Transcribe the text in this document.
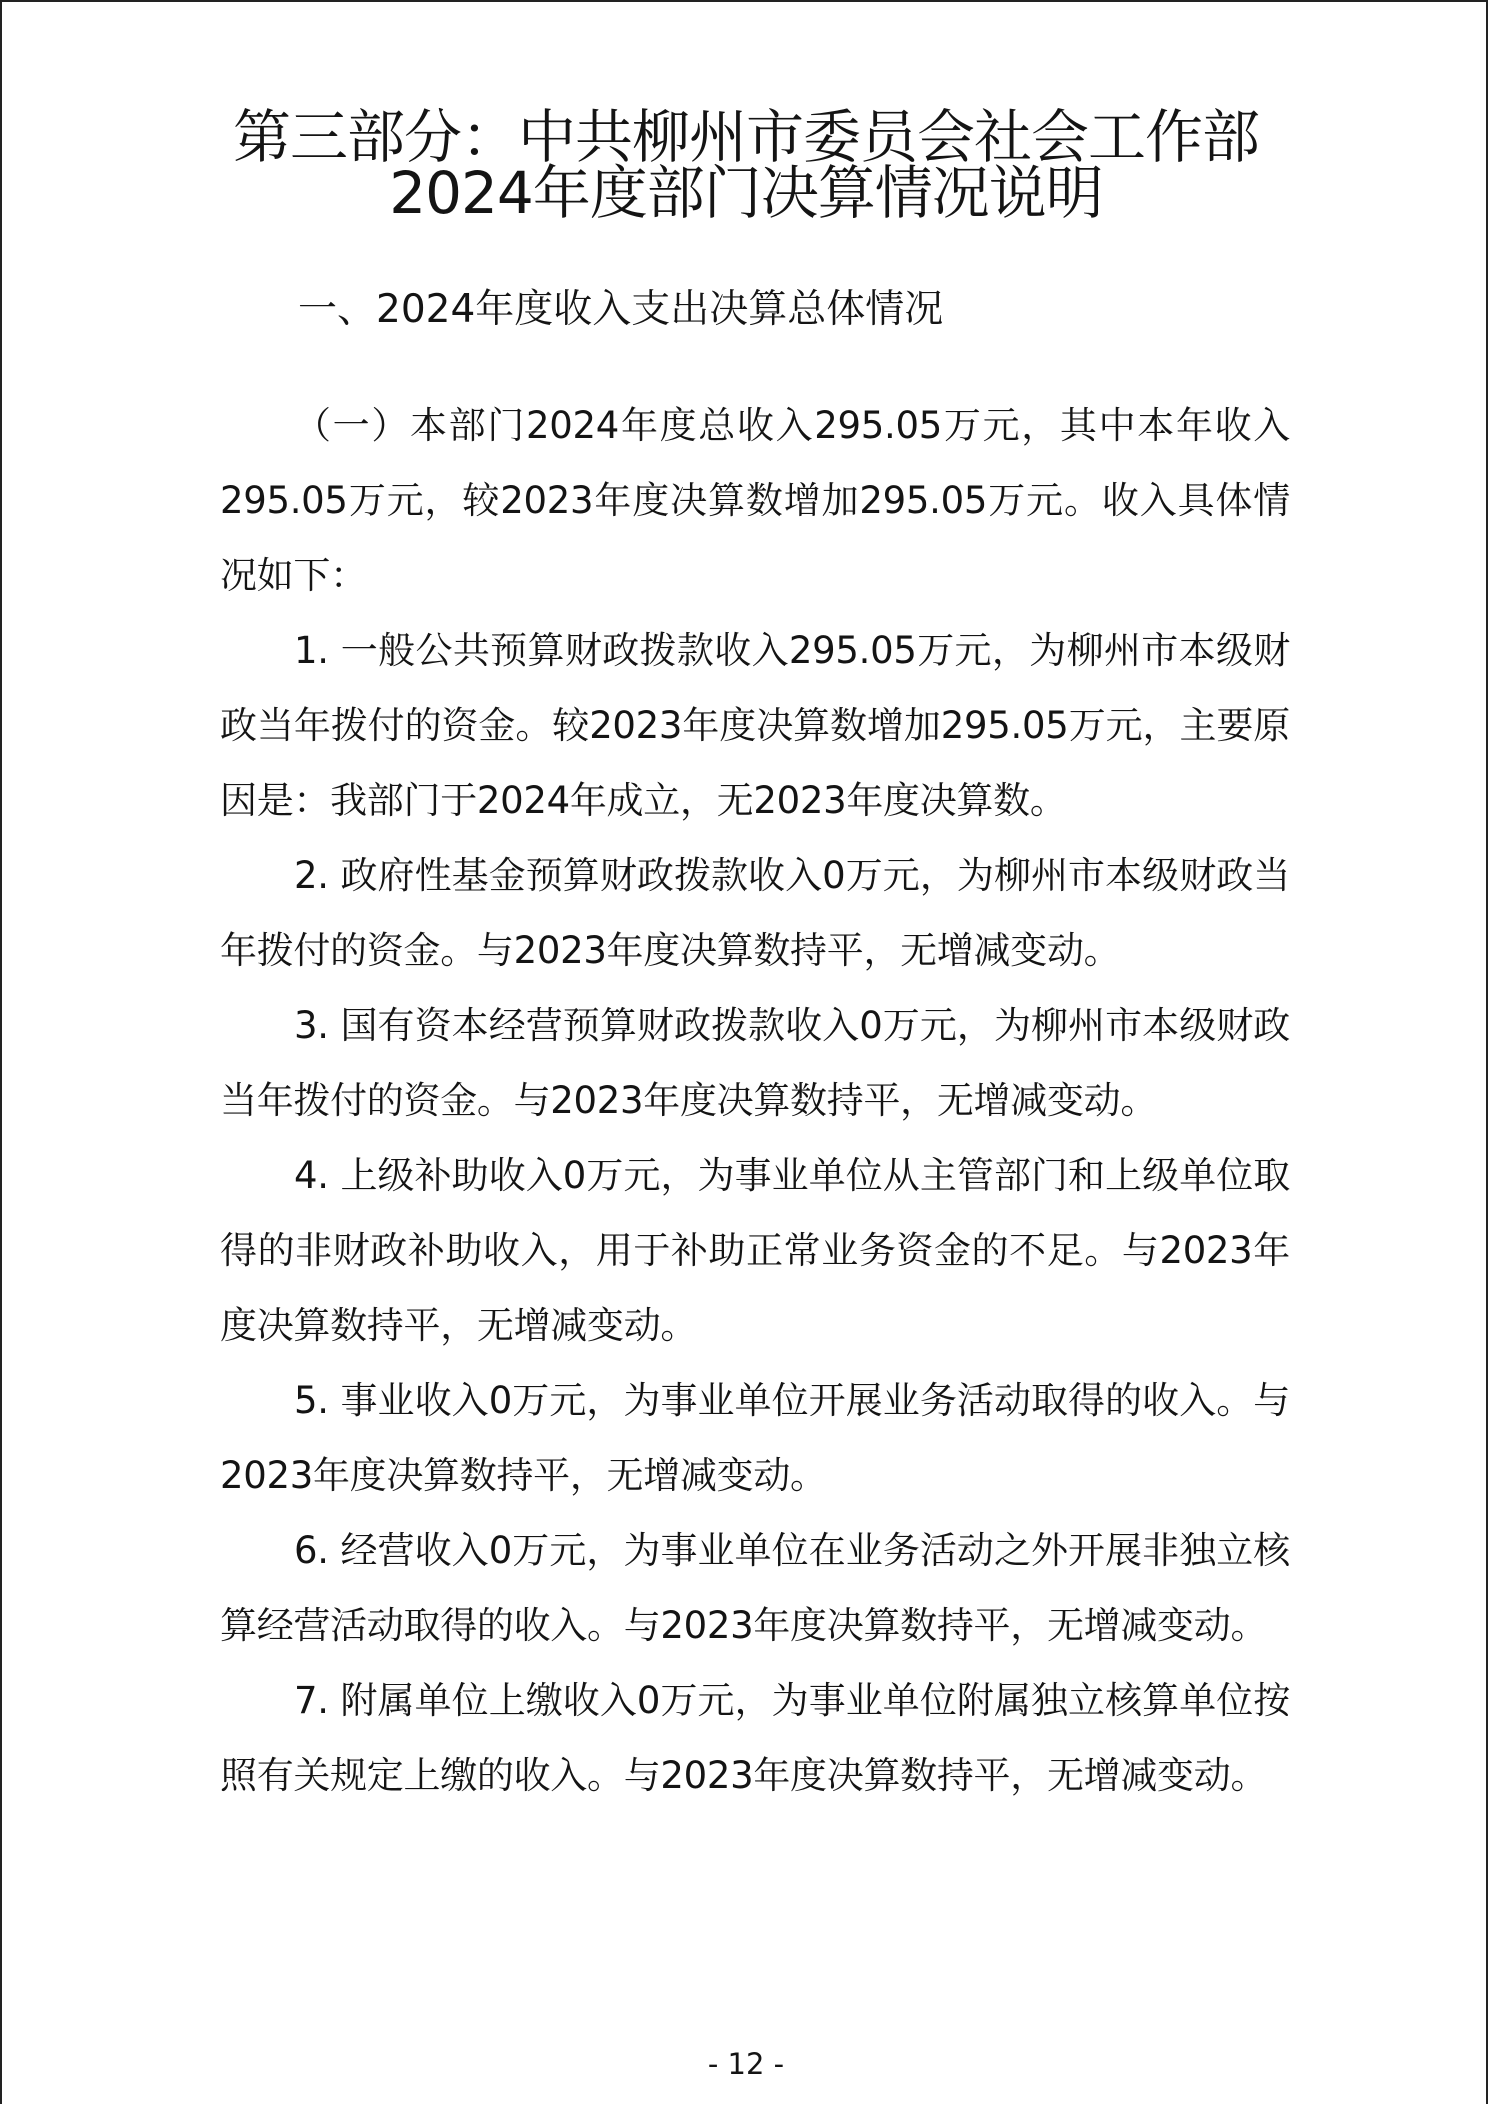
第三部分：中共柳州市委员会社会工作部
2024年度部门决算情况说明
一、2024年度收入支出决算总体情况

（一）本部门2024年度总收入295.05万元，其中本年收入295.05万元，较2023年度决算数增加295.05万元。收入具体情况如下：

1. 一般公共预算财政拨款收入295.05万元，为柳州市本级财政当年拨付的资金。较2023年度决算数增加295.05万元，主要原因是：我部门于2024年成立，无2023年度决算数。

2. 政府性基金预算财政拨款收入0万元，为柳州市本级财政当年拨付的资金。与2023年度决算数持平，无增减变动。

3. 国有资本经营预算财政拨款收入0万元，为柳州市本级财政当年拨付的资金。与2023年度决算数持平，无增减变动。

4. 上级补助收入0万元，为事业单位从主管部门和上级单位取得的非财政补助收入，用于补助正常业务资金的不足。与2023年度决算数持平，无增减变动。

5. 事业收入0万元，为事业单位开展业务活动取得的收入。与2023年度决算数持平，无增减变动。

6. 经营收入0万元，为事业单位在业务活动之外开展非独立核算经营活动取得的收入。与2023年度决算数持平，无增减变动。

7. 附属单位上缴收入0万元，为事业单位附属独立核算单位按照有关规定上缴的收入。与2023年度决算数持平，无增减变动。

- 12 -
